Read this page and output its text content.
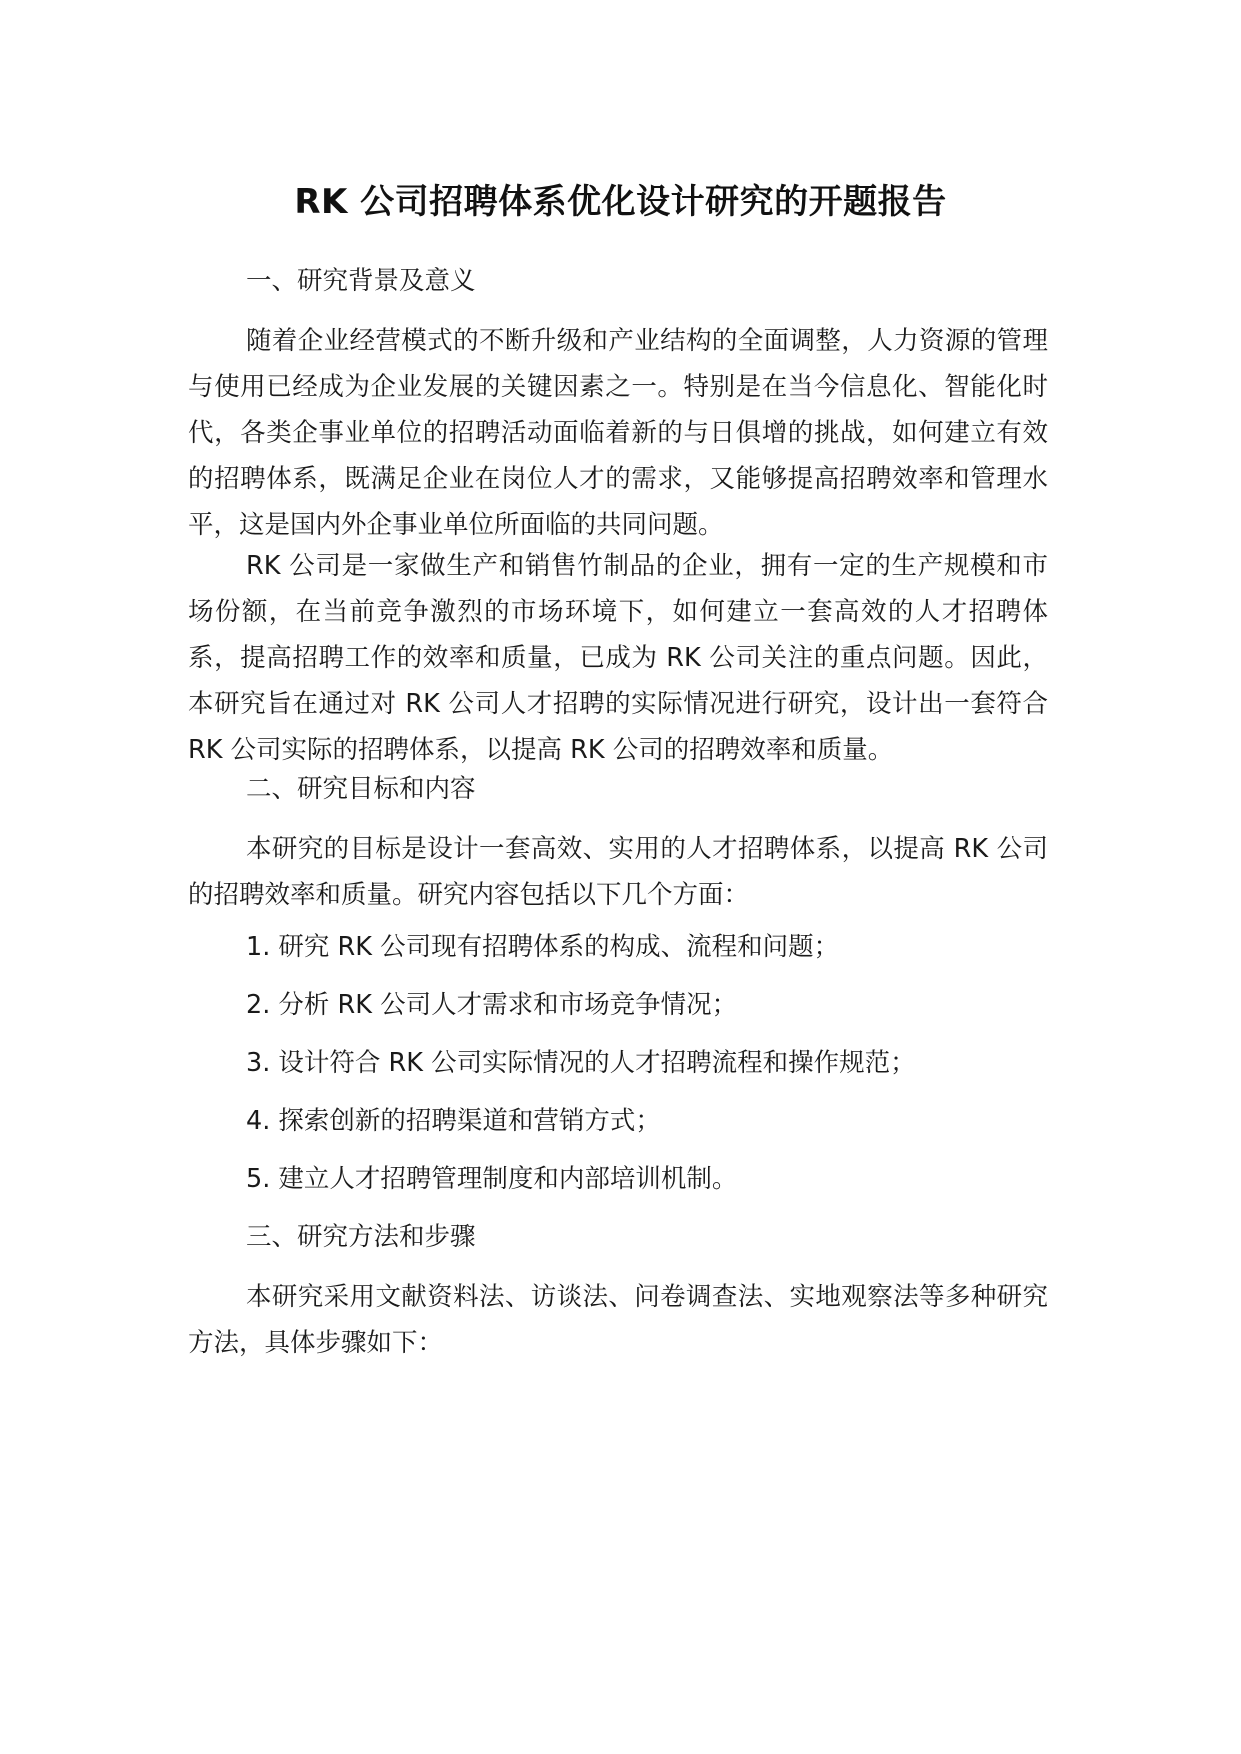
RK 公司招聘体系优化设计研究的开题报告
一、研究背景及意义

随着企业经营模式的不断升级和产业结构的全面调整，人力资源的管理与使用已经成为企业发展的关键因素之一。特别是在当今信息化、智能化时代，各类企事业单位的招聘活动面临着新的与日俱增的挑战，如何建立有效的招聘体系，既满足企业在岗位人才的需求，又能够提高招聘效率和管理水平，这是国内外企事业单位所面临的共同问题。

RK 公司是一家做生产和销售竹制品的企业，拥有一定的生产规模和市场份额，在当前竞争激烈的市场环境下，如何建立一套高效的人才招聘体系，提高招聘工作的效率和质量，已成为 RK 公司关注的重点问题。因此，本研究旨在通过对 RK 公司人才招聘的实际情况进行研究，设计出一套符合 RK 公司实际的招聘体系，以提高 RK 公司的招聘效率和质量。

二、研究目标和内容

本研究的目标是设计一套高效、实用的人才招聘体系，以提高 RK 公司的招聘效率和质量。研究内容包括以下几个方面：

1. 研究 RK 公司现有招聘体系的构成、流程和问题；
2. 分析 RK 公司人才需求和市场竞争情况；
3. 设计符合 RK 公司实际情况的人才招聘流程和操作规范；
4. 探索创新的招聘渠道和营销方式；
5. 建立人才招聘管理制度和内部培训机制。
三、研究方法和步骤

本研究采用文献资料法、访谈法、问卷调查法、实地观察法等多种研究方法，具体步骤如下：
